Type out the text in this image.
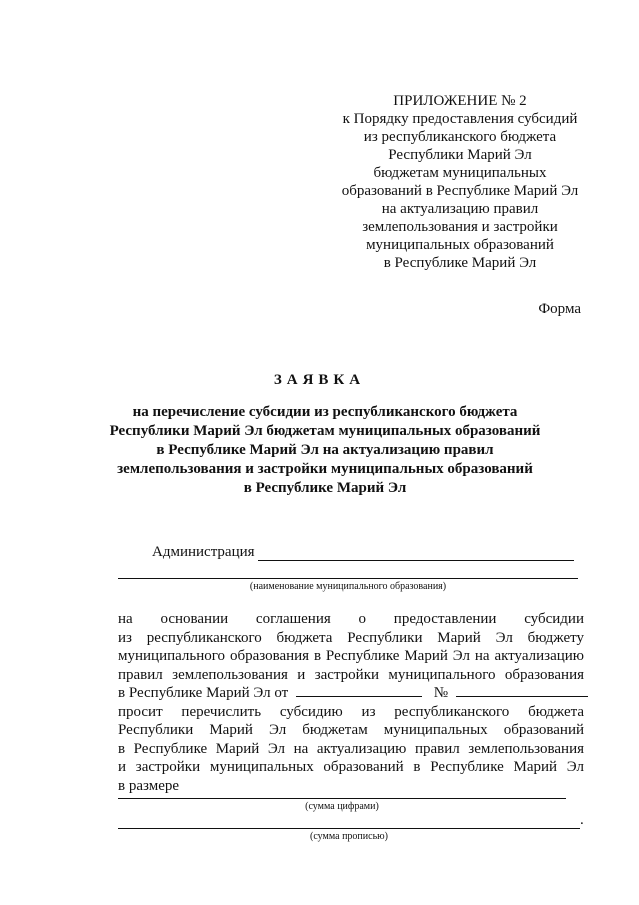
ПРИЛОЖЕНИЕ № 2
к Порядку предоставления субсидий
из республиканского бюджета
Республики Марий Эл
бюджетам муниципальных
образований в Республике Марий Эл
на актуализацию правил
землепользования и застройки
муниципальных образований
в Республике Марий Эл
Форма
ЗАЯВКА
на перечисление субсидии из республиканского бюджета
Республики Марий Эл бюджетам муниципальных образований
в Республике Марий Эл на актуализацию правил
землепользования и застройки муниципальных образований
в Республике Марий Эл
Администрация
(наименование муниципального образования)
на основании соглашения о предоставлении субсидии
из республиканского бюджета Республики Марий Эл бюджету
муниципального образования в Республике Марий Эл на актуализацию
правил землепользования и застройки муниципального образования
в Республике Марий Эл от	№
просит перечислить субсидию из республиканского бюджета
Республики Марий Эл бюджетам муниципальных образований
в Республике Марий Эл на актуализацию правил землепользования
и застройки муниципальных образований в Республике Марий Эл
в размере
(сумма цифрами)
.
(сумма прописью)
